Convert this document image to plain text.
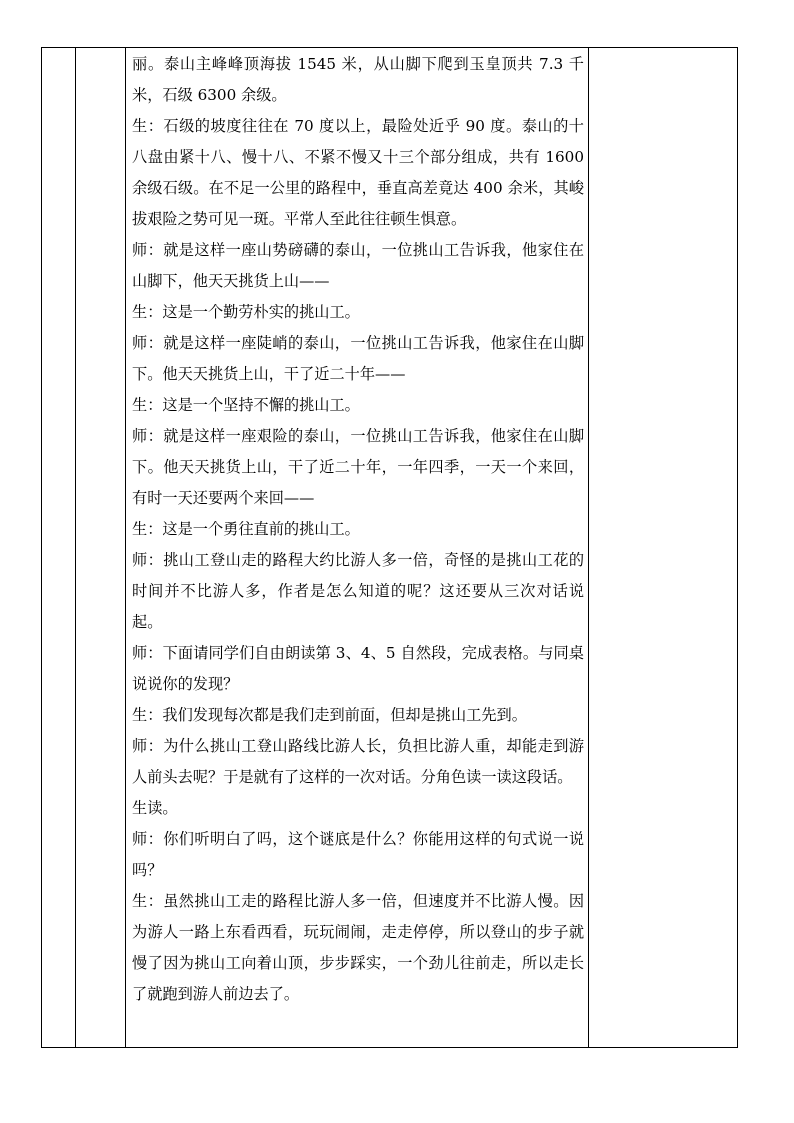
丽。泰山主峰峰顶海拔 1545 米，从山脚下爬到玉皇顶共 7.3 千米，石级 6300 余级。

生：石级的坡度往往在 70 度以上，最险处近乎 90 度。泰山的十八盘由紧十八、慢十八、不紧不慢又十三个部分组成，共有 1600 余级石级。在不足一公里的路程中，垂直高差竟达 400 余米，其峻拔艰险之势可见一斑。平常人至此往往顿生惧意。

师：就是这样一座山势磅礴的泰山，一位挑山工告诉我，他家住在山脚下，他天天挑货上山——

生：这是一个勤劳朴实的挑山工。

师：就是这样一座陡峭的泰山，一位挑山工告诉我，他家住在山脚下。他天天挑货上山，干了近二十年——

生：这是一个坚持不懈的挑山工。

师：就是这样一座艰险的泰山，一位挑山工告诉我，他家住在山脚下。他天天挑货上山，干了近二十年，一年四季，一天一个来回，有时一天还要两个来回——

生：这是一个勇往直前的挑山工。

师：挑山工登山走的路程大约比游人多一倍，奇怪的是挑山工花的时间并不比游人多，作者是怎么知道的呢？这还要从三次对话说起。

师：下面请同学们自由朗读第 3、4、5 自然段，完成表格。与同桌说说你的发现？

生：我们发现每次都是我们走到前面，但却是挑山工先到。

师：为什么挑山工登山路线比游人长，负担比游人重，却能走到游人前头去呢？于是就有了这样的一次对话。分角色读一读这段话。

生读。

师：你们听明白了吗，这个谜底是什么？你能用这样的句式说一说吗？

生：虽然挑山工走的路程比游人多一倍，但速度并不比游人慢。因为游人一路上东看西看，玩玩闹闹，走走停停，所以登山的步子就慢了因为挑山工向着山顶，步步踩实，一个劲儿往前走，所以走长了就跑到游人前边去了。
